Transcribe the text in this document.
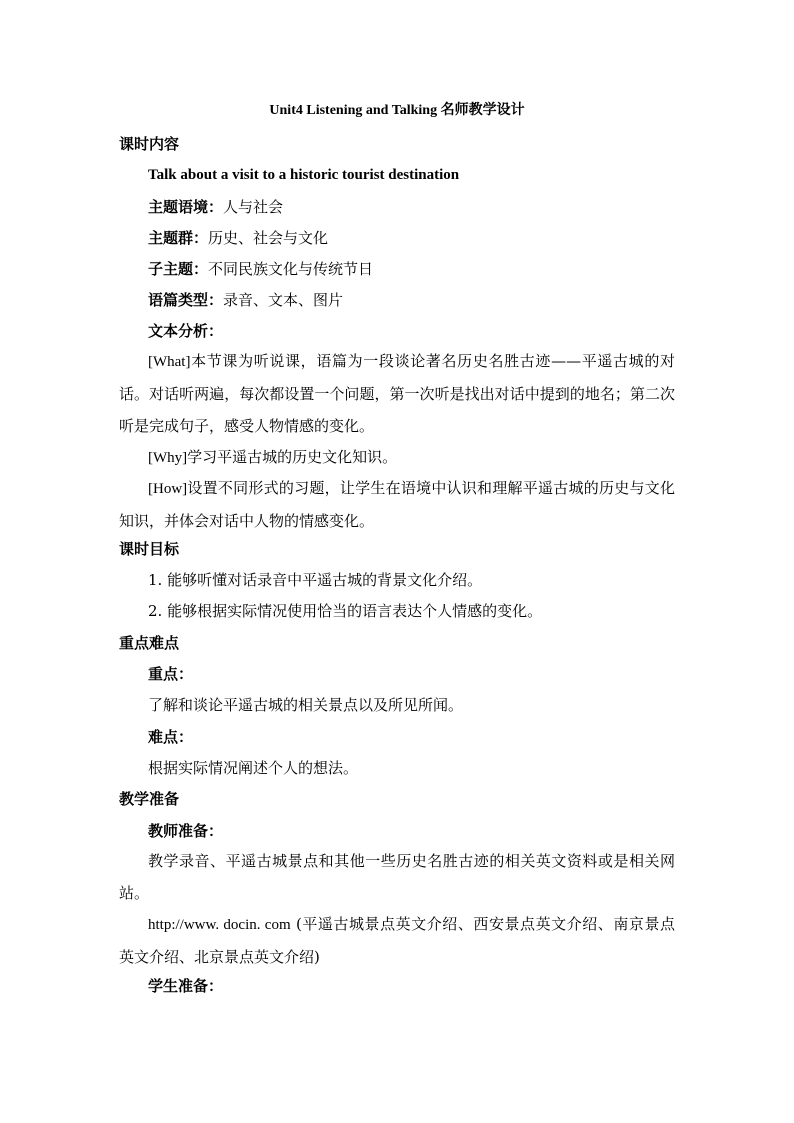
Unit4 Listening and Talking 名师教学设计
课时内容
Talk about a visit to a historic tourist destination
主题语境：人与社会
主题群：历史、社会与文化
子主题：不同民族文化与传统节日
语篇类型：录音、文本、图片
文本分析：
[What]本节课为听说课，语篇为一段谈论著名历史名胜古迹——平遥古城的对话。对话听两遍，每次都设置一个问题，第一次听是找出对话中提到的地名；第二次听是完成句子，感受人物情感的变化。
[Why]学习平遥古城的历史文化知识。
[How]设置不同形式的习题，让学生在语境中认识和理解平遥古城的历史与文化知识，并体会对话中人物的情感变化。
课时目标
1. 能够听懂对话录音中平遥古城的背景文化介绍。
2. 能够根据实际情况使用恰当的语言表达个人情感的变化。
重点难点
重点：
了解和谈论平遥古城的相关景点以及所见所闻。
难点：
根据实际情况阐述个人的想法。
教学准备
教师准备：
教学录音、平遥古城景点和其他一些历史名胜古迹的相关英文资料或是相关网站。
http://www. docin. com (平遥古城景点英文介绍、西安景点英文介绍、南京景点英文介绍、北京景点英文介绍)
学生准备：
